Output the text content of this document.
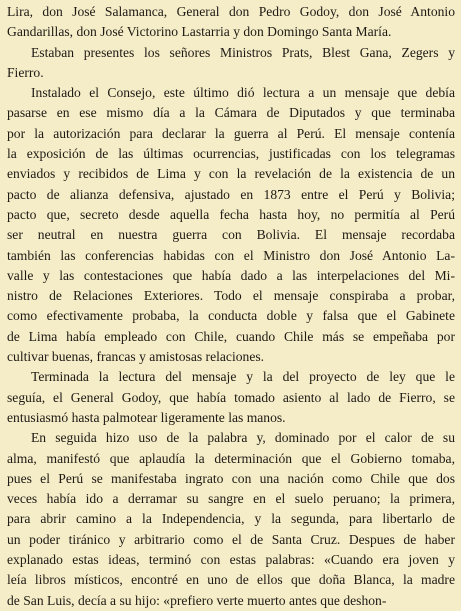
Lira, don José Salamanca, General don Pedro Godoy, don José Antonio
Gandarillas, don José Victorino Lastarria y don Domingo Santa María.
Estaban presentes los señores Ministros Prats, Blest Gana, Zegers y
Fierro.
Instalado el Consejo, este último dió lectura a un mensaje que debía
pasarse en ese mismo día a la Cámara de Diputados y que terminaba
por la autorización para declarar la guerra al Perú. El mensaje contenía
la exposición de las últimas ocurrencias, justificadas con los telegramas
enviados y recibidos de Lima y con la revelación de la existencia de un
pacto de alianza defensiva, ajustado en 1873 entre el Perú y Bolivia;
pacto que, secreto desde aquella fecha hasta hoy, no permitía al Perú
ser neutral en nuestra guerra con Bolivia. El mensaje recordaba
también las conferencias habidas con el Ministro don José Antonio La-
valle y las contestaciones que había dado a las interpelaciones del Mi-
nistro de Relaciones Exteriores. Todo el mensaje conspiraba a probar,
como efectivamente probaba, la conducta doble y falsa que el Gabinete
de Lima había empleado con Chile, cuando Chile más se empeñaba por
cultivar buenas, francas y amistosas relaciones.
Terminada la lectura del mensaje y la del proyecto de ley que le
seguía, el General Godoy, que había tomado asiento al lado de Fierro, se
entusiasmó hasta palmotear ligeramente las manos.
En seguida hizo uso de la palabra y, dominado por el calor de su
alma, manifestó que aplaudía la determinación que el Gobierno tomaba,
pues el Perú se manifestaba ingrato con una nación como Chile que dos
veces había ido a derramar su sangre en el suelo peruano; la primera,
para abrir camino a la Independencia, y la segunda, para libertarlo de
un poder tiránico y arbitrario como el de Santa Cruz. Despues de haber
explanado estas ideas, terminó con estas palabras: «Cuando era joven y
leía libros místicos, encontré en uno de ellos que doña Blanca, la madre
de San Luis, decía a su hijo: «prefiero verte muerto antes que deshon-
